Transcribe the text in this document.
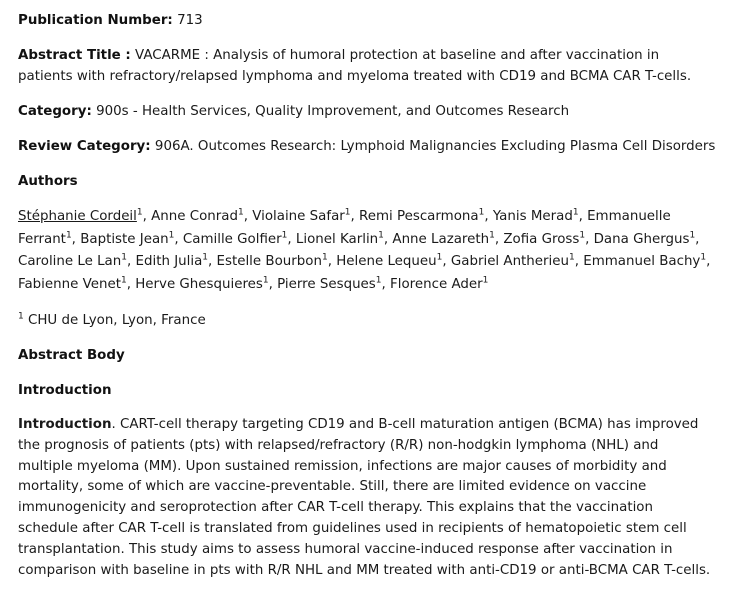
Publication Number: 713
Abstract Title : VACARME : Analysis of humoral protection at baseline and after vaccination in patients with refractory/relapsed lymphoma and myeloma treated with CD19 and BCMA CAR T-cells.
Category: 900s - Health Services, Quality Improvement, and Outcomes Research
Review Category: 906A. Outcomes Research: Lymphoid Malignancies Excluding Plasma Cell Disorders
Authors
Stéphanie Cordeil$^1$, Anne Conrad$^1$, Violaine Safar$^1$, Remi Pescarmona$^1$, Yanis Merad$^1$, Emmanuelle Ferrant$^1$, Baptiste Jean$^1$, Camille Golfier$^1$, Lionel Karlin$^1$, Anne Lazareth$^1$, Zofia Gross$^1$, Dana Ghergus$^1$, Caroline Le Lan$^1$, Edith Julia$^1$, Estelle Bourbon$^1$, Helene Lequeu$^1$, Gabriel Antherieu$^1$, Emmanuel Bachy$^1$, Fabienne Venet$^1$, Herve Ghesquieres$^1$, Pierre Sesques$^1$, Florence Ader$^1$
$^1$ CHU de Lyon, Lyon, France
Abstract Body
Introduction

Introduction. CART-cell therapy targeting CD19 and B-cell maturation antigen (BCMA) has improved the prognosis of patients (pts) with relapsed/refractory (R/R) non-hodgkin lymphoma (NHL) and multiple myeloma (MM). Upon sustained remission, infections are major causes of morbidity and mortality, some of which are vaccine-preventable. Still, there are limited evidence on vaccine immunogenicity and seroprotection after CAR T-cell therapy. This explains that the vaccination schedule after CAR T-cell is translated from guidelines used in recipients of hematopoietic stem cell transplantation. This study aims to assess humoral vaccine-induced response after vaccination in comparison with baseline in pts with R/R NHL and MM treated with anti-CD19 or anti-BCMA CAR T-cells.
